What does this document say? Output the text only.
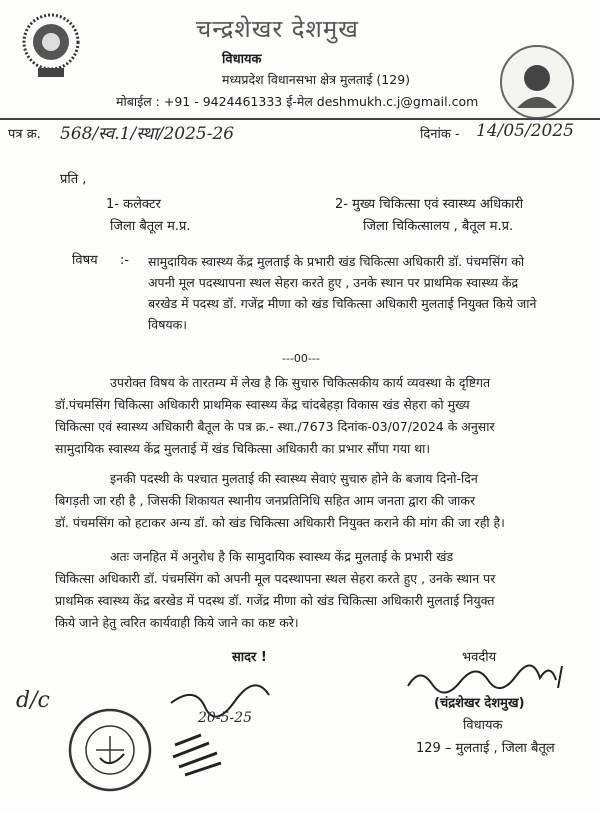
चन्द्रशेखर देशमुख
विधायक
मध्यप्रदेश विधानसभा क्षेत्र मुलताई (129)
मोबाईल : +91 - 9424461333 ई-मेल deshmukh.c.j@gmail.com
पत्र क्र. 568/स्व.1/स्था/2025-26	दिनांक - 14/05/2025
प्रति ,
1- कलेक्टर
जिला बैतूल म.प्र.
2- मुख्य चिकित्सा एवं स्वास्थ्य अधिकारी
जिला चिकित्सालय , बैतूल म.प्र.
विषय :- सामुदायिक स्वास्थ्य केंद्र मुलताई के प्रभारी खंड चिकित्सा अधिकारी डॉ. पंचमसिंग को
अपनी मूल पदस्थापना स्थल सेहरा करते हुए , उनके स्थान पर प्राथमिक स्वास्थ्य केंद्र
बरखेड में पदस्थ डॉ. गजेंद्र मीणा को खंड चिकित्सा अधिकारी मुलताई नियुक्त किये जाने
विषयक।
---00---
उपरोक्त विषय के तारतम्य में लेख है कि सुचारु चिकित्सकीय कार्य व्यवस्था के दृष्टिगत
डॉ.पंचमसिंग चिकित्सा अधिकारी प्राथमिक स्वास्थ्य केंद्र चांदबेहड़ा विकास खंड सेहरा को मुख्य
चिकित्सा एवं स्वास्थ्य अधिकारी बैतूल के पत्र क्र.- स्था./7673 दिनांक-03/07/2024 के अनुसार
सामुदायिक स्वास्थ्य केंद्र मुलताई में खंड चिकित्सा अधिकारी का प्रभार सौंपा गया था।
इनकी पदस्थी के पश्चात मुलताई की स्वास्थ्य सेवाएं सुचारु होने के बजाय दिनो-दिन
बिगड़ती जा रही है , जिसकी शिकायत स्थानीय जनप्रतिनिधि सहित आम जनता द्वारा की जाकर
डॉ. पंचमसिंग को हटाकर अन्य डॉ. को खंड चिकित्सा अधिकारी नियुक्त कराने की मांग की जा रही है।
अतः जनहित में अनुरोध है कि सामुदायिक स्वास्थ्य केंद्र मुलताई के प्रभारी खंड
चिकित्सा अधिकारी डॉ. पंचमसिंग को अपनी मूल पदस्थापना स्थल सेहरा करते हुए , उनके स्थान पर
प्राथमिक स्वास्थ्य केंद्र बरखेड में पदस्थ डॉ. गजेंद्र मीणा को खंड चिकित्सा अधिकारी मुलताई नियुक्त
किये जाने हेतु त्वरित कार्यवाही किये जाने का कष्ट करे।
सादर !	भवदीय
(चंद्रशेखर देशमुख)
विधायक
129 – मुलताई , जिला बैतूल
d/c
20-5-25
